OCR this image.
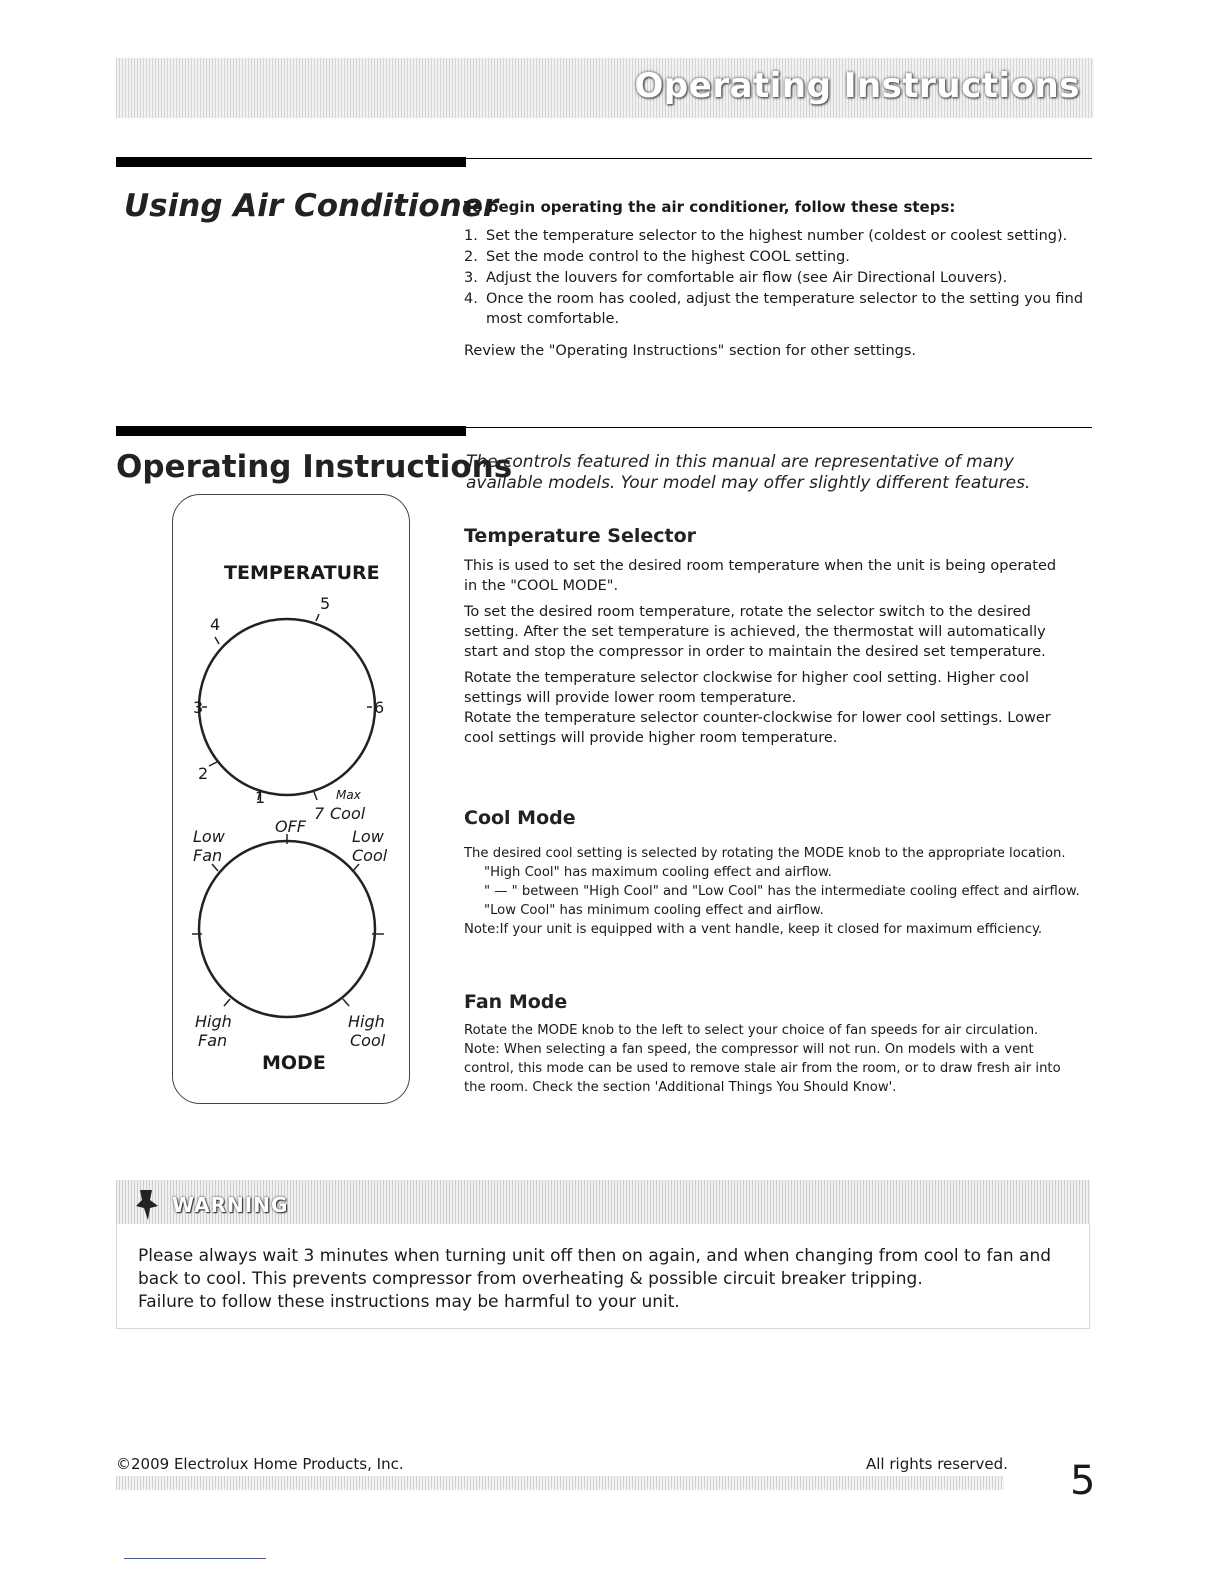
Operating Instructions
Using Air Conditioner
To begin operating the air conditioner, follow these steps:
1. Set the temperature selector to the highest number (coldest or coolest setting).
2. Set the mode control to the highest COOL setting.
3. Adjust the louvers for comfortable air flow (see Air Directional Louvers).
4. Once the room has cooled, adjust the temperature selector to the setting you find most comfortable.
Review the "Operating Instructions" section for other settings.
Operating Instructions
The controls featured in this manual are representative of many available models. Your model may offer slightly different features.
TEMPERATURE
1
2
3
4
5
6
7
Max
Cool
OFF
Low
Fan
Low
Cool
High
Fan
High
Cool
MODE
Temperature Selector

This is used to set the desired room temperature when the unit is being operated in the "COOL MODE".

To set the desired room temperature, rotate the selector switch to the desired setting. After the set temperature is achieved, the thermostat will automatically start and stop the compressor in order to maintain the desired set temperature.

Rotate the temperature selector clockwise for higher cool setting. Higher cool settings will provide lower room temperature.

Rotate the temperature selector counter-clockwise for lower cool settings. Lower cool settings will provide higher room temperature.

Cool Mode
The desired cool setting is selected by rotating the MODE knob to the appropriate location.
"High Cool" has maximum cooling effect and airflow.
" — " between "High Cool" and "Low Cool" has the intermediate cooling effect and airflow.
"Low Cool" has minimum cooling effect and airflow.
Note:If your unit is equipped with a vent handle, keep it closed for maximum efficiency.
Fan Mode
Rotate the MODE knob to the left to select your choice of fan speeds for air circulation. Note: When selecting a fan speed, the compressor will not run. On models with a vent control, this mode can be used to remove stale air from the room, or to draw fresh air into the room. Check the section 'Additional Things You Should Know'.
WARNING
Please always wait 3 minutes when turning unit off then on again, and when changing from cool to fan and back to cool. This prevents compressor from overheating & possible circuit breaker tripping.
Failure to follow these instructions may be harmful to your unit.
©2009 Electrolux Home Products, Inc.	All rights reserved. 5
